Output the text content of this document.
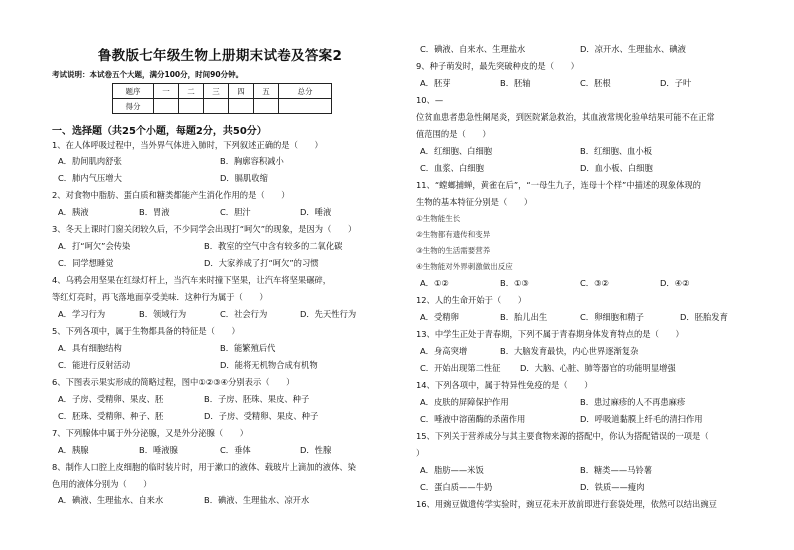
鲁教版七年级生物上册期末试卷及答案2
考试说明：本试卷五个大题，满分100分，时间90分钟。
题序	一	二	三	四	五	总分
得分						
一、选择题（共25个小题，每题2分，共50分）
1、在人体呼吸过程中，当外界气体进入肺时，下列叙述正确的是（　　）
A．肋间肌肉舒张	B．胸廓容积减小
C．肺内气压增大	D．膈肌收缩
2、对食物中脂肪、蛋白质和糖类都能产生消化作用的是（　　）
A．胰液	B．胃液	C．胆汁	D．唾液
3、冬天上课时门窗关闭较久后，不少同学会出现打“呵欠”的现象，是因为（　　）
A．打“呵欠”会传染	B．教室的空气中含有较多的二氧化碳
C．同学想睡觉	D．大家养成了打“呵欠”的习惯
4、乌鸦会用坚果在红绿灯杆上，当汽车来时撞下坚果，让汽车将坚果碾碎，
等红灯亮时，再飞落地面享受美味．这种行为属于（　　）
A．学习行为	B．领域行为	C．社会行为	D．先天性行为
5、下列各项中，属于生物都具备的特征是（　　）
A．具有细胞结构	B．能繁殖后代
C．能进行反射活动	D．能将无机物合成有机物
6、下图表示果实形成的简略过程，图中①②③④分别表示（　　）
A．子房、受精卵、果皮、胚	B．子房、胚珠、果皮、种子
C．胚珠、受精卵、种子、胚	D．子房、受精卵、果皮、种子
7、下列腺体中属于外分泌腺，又是外分泌腺（　　）
A．胰腺	B．唾液腺	C．垂体	D．性腺
8、制作人口腔上皮细胞的临时装片时，用于漱口的液体、载玻片上滴加的液体、染
色用的液体分别为（　　）
A．碘液、生理盐水、自来水	B．碘液、生理盐水、凉开水
C．碘液、自来水、生理盐水	D．凉开水、生理盐水、碘液
9、种子萌发时，最先突破种皮的是（　　）
A．胚芽	B．胚轴	C．胚根	D．子叶
10、—
位贫血患者患急性阑尾炎，到医院紧急救治，其血液常规化验单结果可能不在正常
值范围的是（　　）
A．红细胞、白细胞	B．红细胞、血小板
C．血浆、白细胞	D．血小板、白细胞
11、“螳螂捕蝉，黄雀在后”，“一母生九子，连母十个样”中描述的现象体现的
生物的基本特征分别是（　　）
①生物能生长
②生物都有遗传和变异
③生物的生活需要营养
④生物能对外界刺激做出反应
A．①②	B．①③	C．③②	D．④②
12、人的生命开始于（　　）
A．受精卵	B．胎儿出生	C．卵细胞和精子	D．胚胎发育
13、中学生正处于青春期，下列不属于青春期身体发育特点的是（　　）
A．身高突增	B．大脑发育最快，内心世界逐渐复杂
C．开始出现第二性征 D．大脑、心脏、肺等器官的功能明显增强
14、下列各项中，属于特异性免疫的是（　　）
A．皮肤的屏障保护作用	B．患过麻疹的人不再患麻疹
C．唾液中溶菌酶的杀菌作用	D．呼吸道黏膜上纤毛的清扫作用
15、下列关于营养成分与其主要食物来源的搭配中，你认为搭配错误的一项是（
）
A．脂肪——米饭	B．糖类——马铃薯
C．蛋白质——牛奶	D．铁质——瘦肉
16、用豌豆做遗传学实验时，豌豆花未开放前即进行套袋处理，依然可以结出豌豆
